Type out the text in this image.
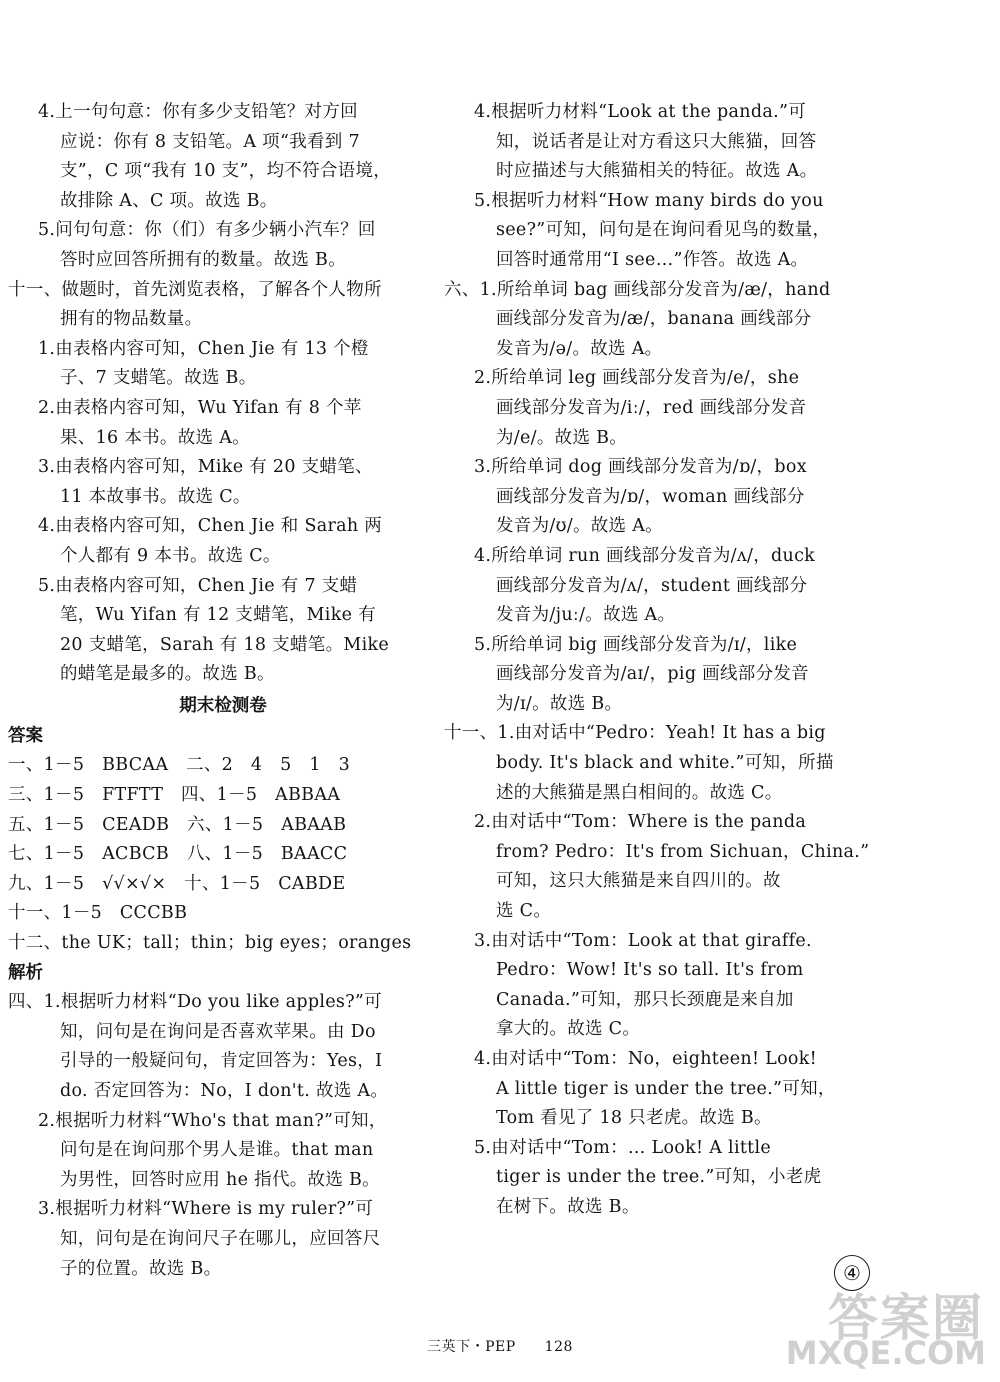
4.上一句句意：你有多少支铅笔？对方回
应说：你有 8 支铅笔。A 项“我看到 7
支”，C 项“我有 10 支”，均不符合语境，
故排除 A、C 项。故选 B。
5.问句句意：你（们）有多少辆小汽车？回
答时应回答所拥有的数量。故选 B。
十一、做题时，首先浏览表格，了解各个人物所
拥有的物品数量。
1.由表格内容可知，Chen Jie 有 13 个橙
子、7 支蜡笔。故选 B。
2.由表格内容可知，Wu Yifan 有 8 个苹
果、16 本书。故选 A。
3.由表格内容可知，Mike 有 20 支蜡笔、
11 本故事书。故选 C。
4.由表格内容可知，Chen Jie 和 Sarah 两
个人都有 9 本书。故选 C。
5.由表格内容可知，Chen Jie 有 7 支蜡
笔，Wu Yifan 有 12 支蜡笔，Mike 有
20 支蜡笔，Sarah 有 18 支蜡笔。Mike
的蜡笔是最多的。故选 B。
期末检测卷
答案
一、1－5　BBCAA　二、2　4　5　1　3
三、1－5　FTFTT　四、1－5　ABBAA
五、1－5　CEADB　六、1－5　ABAAB
七、1－5　ACBCB　八、1－5　BAACC
九、1－5　√√×√×　十、1－5　CABDE
十一、1－5　CCCBB
十二、the UK；tall；thin；big eyes；oranges
解析
四、1.根据听力材料“Do you like apples?”可
知，问句是在询问是否喜欢苹果。由 Do
引导的一般疑问句，肯定回答为：Yes，I
do. 否定回答为：No，I don't. 故选 A。
2.根据听力材料“Who's that man?”可知，
问句是在询问那个男人是谁。that man
为男性，回答时应用 he 指代。故选 B。
3.根据听力材料“Where is my ruler?”可
知，问句是在询问尺子在哪儿，应回答尺
子的位置。故选 B。
4.根据听力材料“Look at the panda.”可
知，说话者是让对方看这只大熊猫，回答
时应描述与大熊猫相关的特征。故选 A。
5.根据听力材料“How many birds do you
see?”可知，问句是在询问看见鸟的数量，
回答时通常用“I see…”作答。故选 A。
六、1.所给单词 bag 画线部分发音为/æ/，hand
画线部分发音为/æ/，banana 画线部分
发音为/ə/。故选 A。
2.所给单词 leg 画线部分发音为/e/，she
画线部分发音为/iː/，red 画线部分发音
为/e/。故选 B。
3.所给单词 dog 画线部分发音为/ɒ/，box
画线部分发音为/ɒ/，woman 画线部分
发音为/ʊ/。故选 A。
4.所给单词 run 画线部分发音为/ʌ/，duck
画线部分发音为/ʌ/，student 画线部分
发音为/juː/。故选 A。
5.所给单词 big 画线部分发音为/ɪ/，like
画线部分发音为/aɪ/，pig 画线部分发音
为/ɪ/。故选 B。
十一、1.由对话中“Pedro：Yeah! It has a big
body. It's black and white.”可知，所描
述的大熊猫是黑白相间的。故选 C。
2.由对话中“Tom：Where is the panda
from? Pedro：It's from Sichuan，China.”
可知，这只大熊猫是来自四川的。故
选 C。
3.由对话中“Tom：Look at that giraffe.
Pedro：Wow! It's so tall. It's from
Canada.”可知，那只长颈鹿是来自加
拿大的。故选 C。
4.由对话中“Tom：No，eighteen! Look!
A little tiger is under the tree.”可知，
Tom 看见了 18 只老虎。故选 B。
5.由对话中“Tom：… Look! A little
tiger is under the tree.”可知，小老虎
在树下。故选 B。
④
三英下・PEP　　128	答案圈
MXQE.COM
